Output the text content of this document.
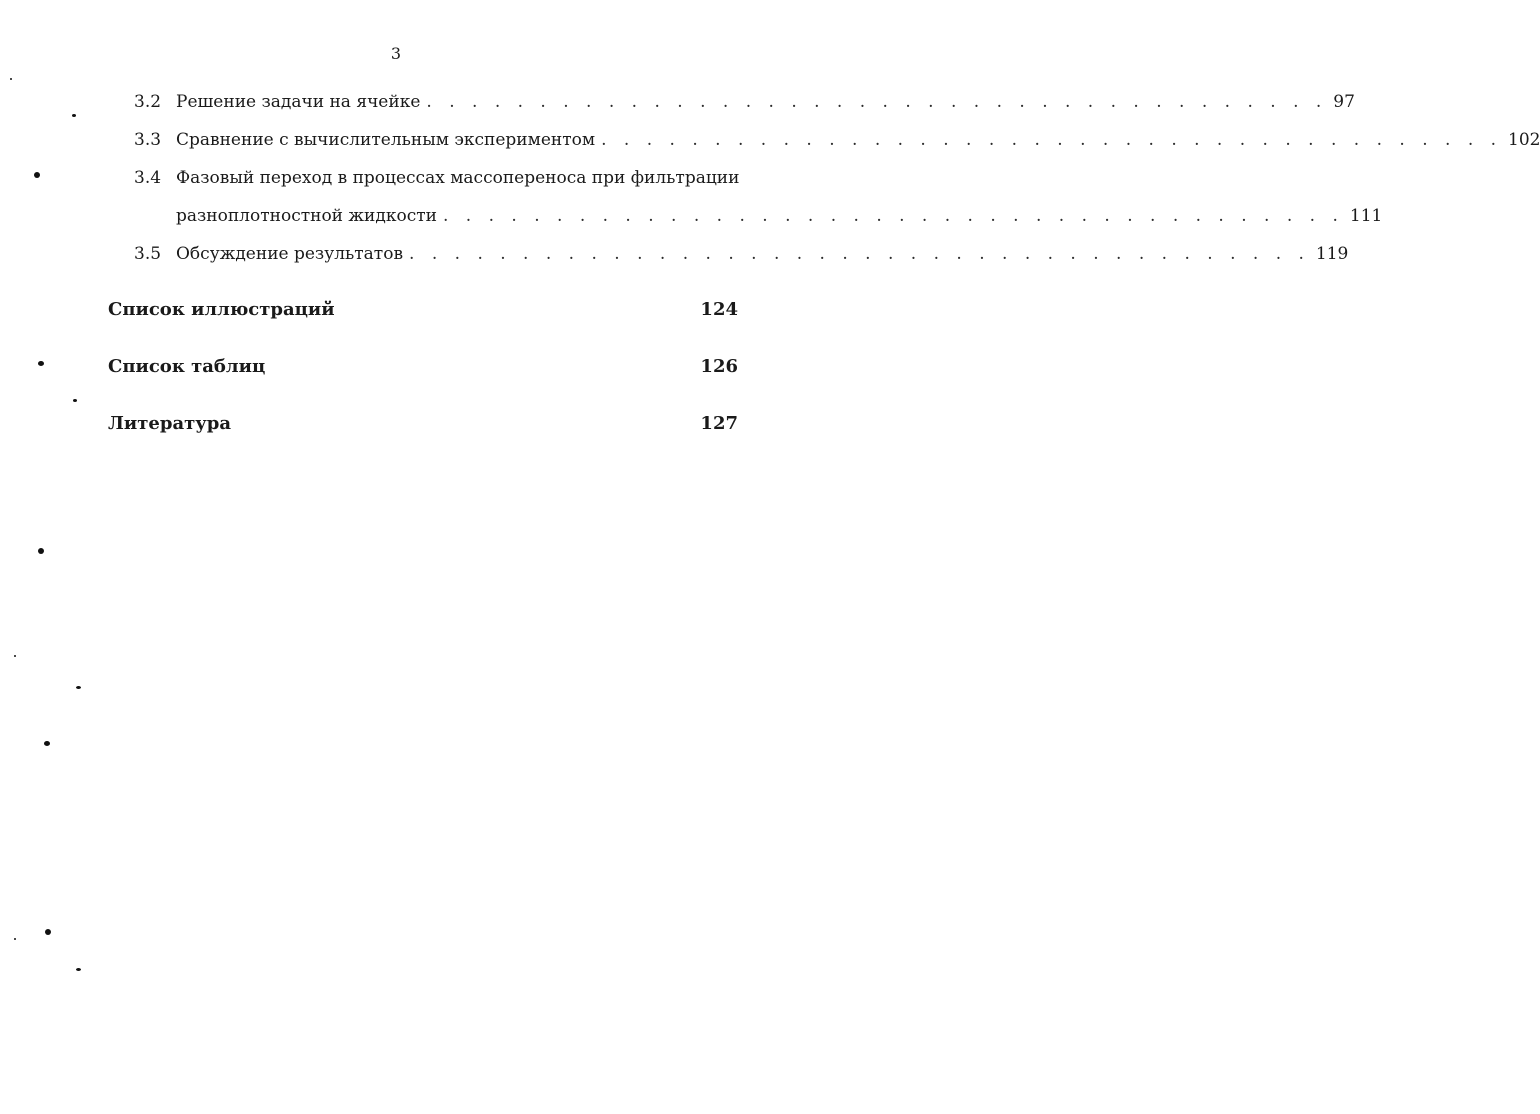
3
3.2 Решение задачи на ячейке . . . . . . . . . . . . . . . . . . . . . . . . . . . . . . . . . . . . . . . . 97
3.3 Сравнение с вычислительным экспериментом . . . . . . . . . . . . . . . . . . . . . . . . . . . . . . . . . . . . . . . . 102
3.4 Фазовый переход в процессах массопереноса при фильтрации
разноплотностной жидкости . . . . . . . . . . . . . . . . . . . . . . . . . . . . . . . . . . . . . . . . 111
3.5 Обсуждение результатов . . . . . . . . . . . . . . . . . . . . . . . . . . . . . . . . . . . . . . . . 119
Список иллюстраций	124
Список таблиц	126
Литература	127
